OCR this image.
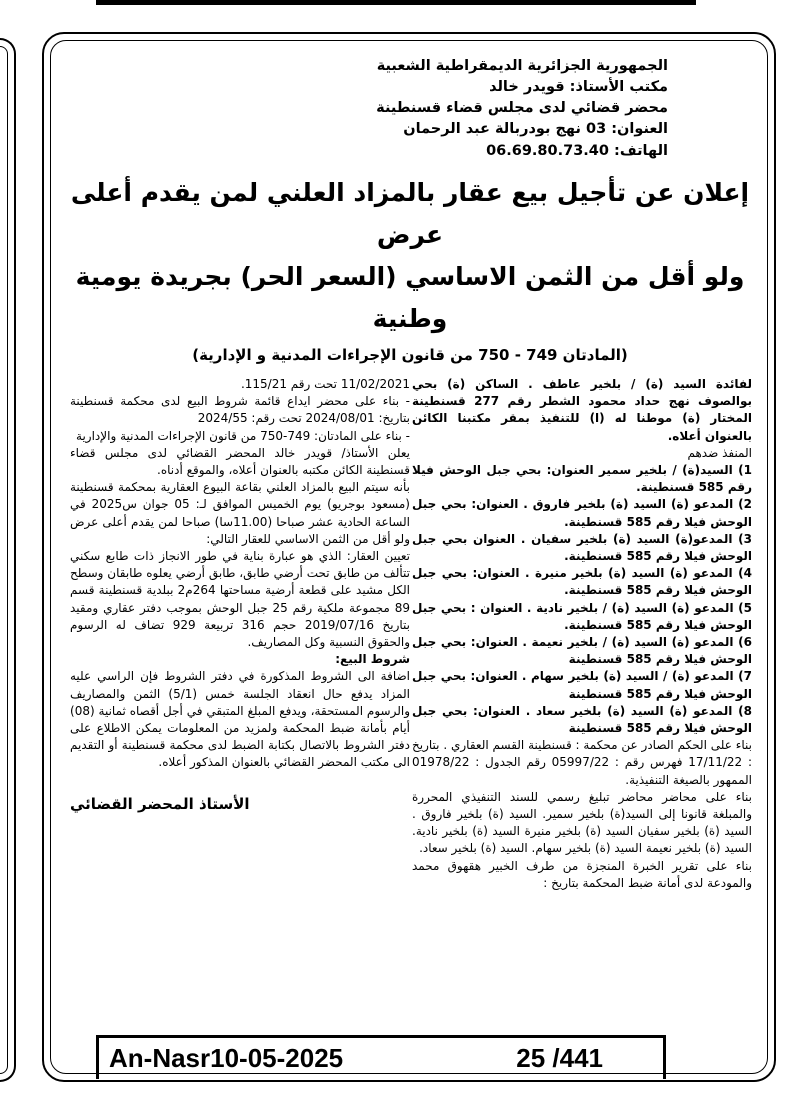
الجمهورية الجزائرية الديمقراطية الشعبية
مكتب الأستاذ: قويدر خالد
محضر قضائي لدى مجلس قضاء قسنطينة
العنوان: 03 نهج بودربالة عبد الرحمان
الهاتف: 06.69.80.73.40
إعلان عن تأجيل بيع عقار بالمزاد العلني لمن يقدم أعلى عرض
ولو أقل من الثمن الاساسي (السعر الحر) بجريدة يومية وطنية
(المادتان 749 - 750 من قانون الإجراءات المدنية و الإدارية)

لفائدة السيد (ة) / بلخير عاطف . الساكن (ة) بحي بوالصوف نهج حداد محمود الشطر رقم 277 قسنطينة المختار (ة) موطنا له (ا) للتنفيذ بمقر مكتبنا الكائن بالعنوان أعلاه.

المنفذ ضدهم

1) السيد(ة) / بلخير سمير العنوان: بحي جبل الوحش فيلا رقم 585 قسنطينة.

2) المدعو (ة) السيد (ة) بلخير فاروق . العنوان: بحي جبل الوحش فيلا رقم 585 قسنطينة.

3) المدعو(ة) السيد (ة) بلخير سفيان . العنوان بحي جبل الوحش فيلا رقم 585 قسنطينة.

4) المدعو (ة) السيد (ة) بلخير منيرة . العنوان: بحي جبل الوحش فيلا رقم 585 قسنطينة.

5) المدعو (ة) السيد (ة) / بلخير نادية . العنوان : بحي جبل الوحش فيلا رقم 585 قسنطينة.

6) المدعو (ة) السيد (ة) / بلخير نعيمة . العنوان: بحي جبل الوحش فيلا رقم 585 قسنطينة

7) المدعو (ة) / السيد (ة) بلخير سهام . العنوان: بحي جبل الوحش فيلا رقم 585 قسنطينة

8) المدعو (ة) السيد (ة) بلخير سعاد . العنوان: بحي جبل الوحش فيلا رقم 585 قسنطينة

بناء على الحكم الصادر عن محكمة : قسنطينة القسم العقاري . بتاريخ : 17/11/22 فهرس رقم : 05997/22 رقم الجدول : 01978/22 الممهور بالصيغة التنفيذية.

بناء على محاضر محاضر تبليغ رسمي للسند التنفيذي المحررة والمبلغة قانونا إلى السيد(ة) بلخير سمير. السيد (ة) بلخير فاروق . السيد (ة) بلخير سفيان السيد (ة) بلخير منيرة السيد (ة) بلخير نادية. السيد (ة) بلخير نعيمة السيد (ة) بلخير سهام. السيد (ة) بلخير سعاد.

بناء على تقرير الخبرة المنجزة من طرف الخبير هقهوق محمد والمودعة لدى أمانة ضبط المحكمة بتاريخ :

11/02/2021 تحت رقم 115/21.

- بناء على محضر ايداع قائمة شروط البيع لدى محكمة قسنطينة بتاريخ: 2024/08/01 تحت رقم: 2024/55

- بناء على المادتان: 749-750 من قانون الإجراءات المدنية والإدارية

يعلن الأستاذ/ قويدر خالد المحضر القضائي لدى مجلس قضاء قسنطينة الكائن مكتبه بالعنوان أعلاه، والموقع أدناه.

بأنه سيتم البيع بالمزاد العلني بقاعة البيوع العقارية بمحكمة قسنطينة (مسعود بوجريو) يوم الخميس الموافق لـ: 05 جوان س2025 في الساعة الحادية عشر صباحا (11.00سا) صباحا لمن يقدم أعلى عرض ولو أقل من الثمن الاساسي للعقار التالي:

تعيين العقار: الذي هو عبارة بناية في طور الانجاز ذات طابع سكني تتألف من طابق تحت أرضي طابق، طابق أرضي يعلوه طابقان وسطح الكل مشيد على قطعة أرضية مساحتها 264م2 ببلدية قسنطينة قسم 89 مجموعة ملكية رقم 25 جبل الوحش بموجب دفتر عقاري ومقيد بتاريخ 2019/07/16 حجم 316 تربيعة 929 تضاف له الرسوم والحقوق النسبية وكل المصاريف.

شروط البيع:

اضافة الى الشروط المذكورة في دفتر الشروط فإن الراسي عليه المزاد يدفع حال انعقاد الجلسة خمس (5/1) الثمن والمصاريف والرسوم المستحقة، ويدفع المبلغ المتبقي في أجل أقصاه ثمانية (08) أيام بأمانة ضبط المحكمة ولمزيد من المعلومات يمكن الاطلاع على دفتر الشروط بالاتصال بكتابة الضبط لدى محكمة قسنطينة أو التقديم الى مكتب المحضر القضائي بالعنوان المذكور أعلاه.

الأستاذ المحضر القضائي
An-Nasr10-05-2025	25 /441
